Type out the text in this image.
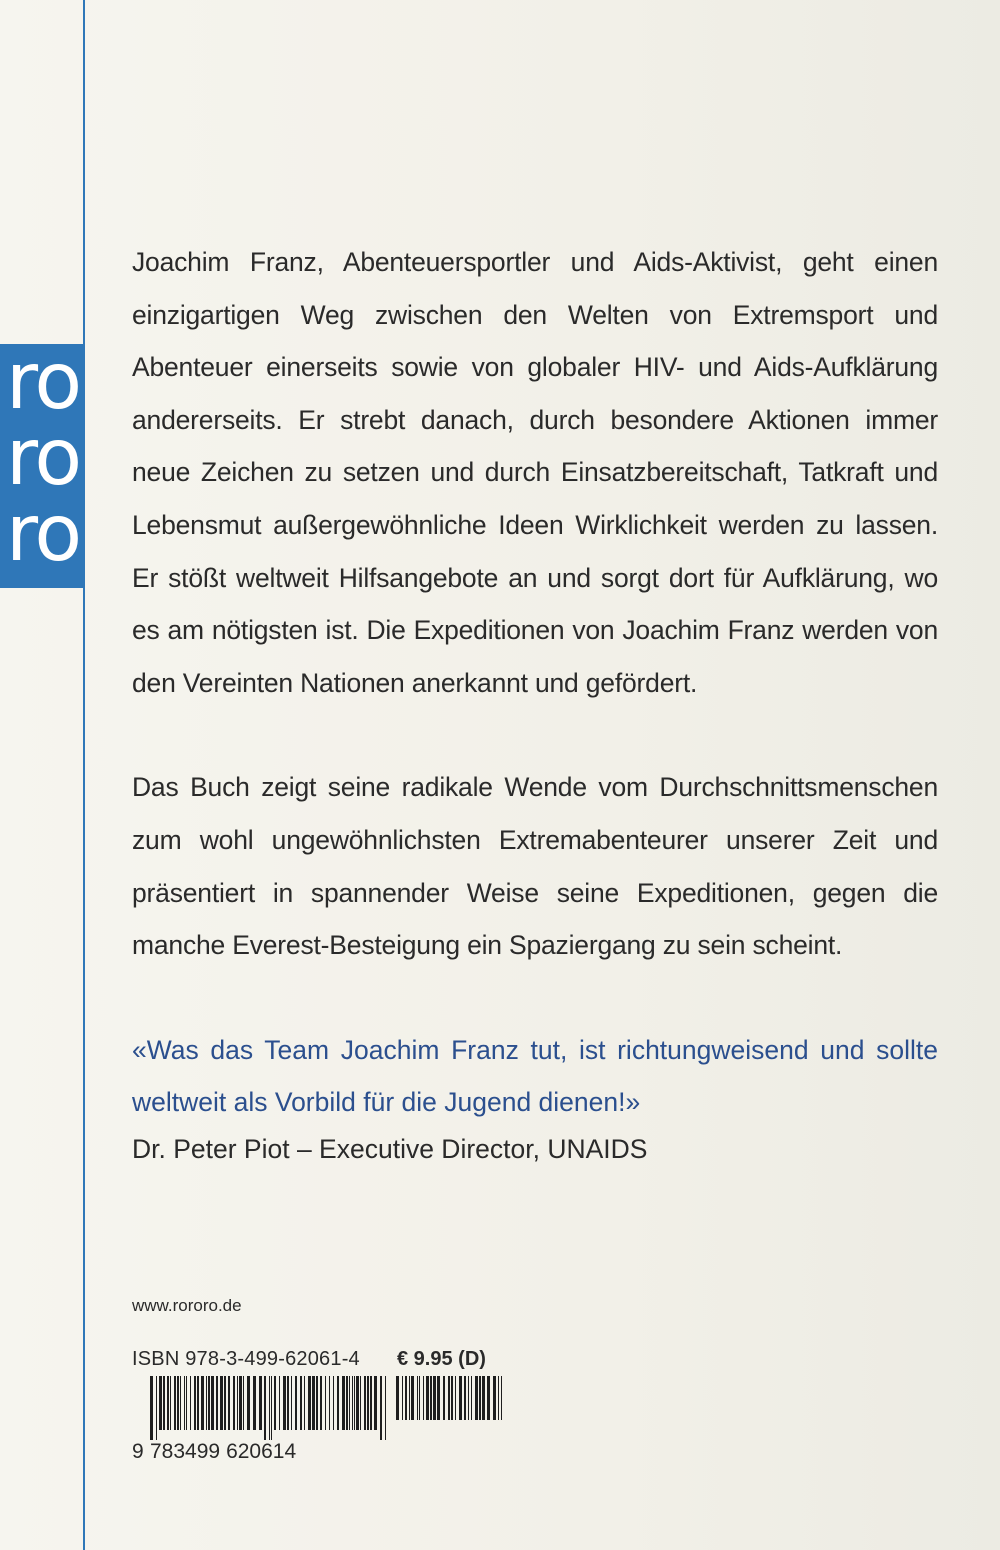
ro
ro
ro

Joachim Franz, Abenteuersportler und Aids-Aktivist, geht einen einzigartigen Weg zwischen den Welten von Extremsport und Abenteuer einerseits sowie von globaler HIV- und Aids-Aufklärung andererseits. Er strebt danach, durch besondere Aktionen immer neue Zeichen zu setzen und durch Einsatzbereitschaft, Tatkraft und Lebensmut außergewöhnliche Ideen Wirklichkeit werden zu lassen. Er stößt weltweit Hilfsangebote an und sorgt dort für Aufklärung, wo es am nötigsten ist. Die Expeditionen von Joachim Franz werden von den Vereinten Nationen anerkannt und gefördert.

Das Buch zeigt seine radikale Wende vom Durchschnittsmenschen zum wohl ungewöhnlichsten Extremabenteurer unserer Zeit und präsentiert in spannender Weise seine Expeditionen, gegen die manche Everest-Besteigung ein Spaziergang zu sein scheint.

«Was das Team Joachim Franz tut, ist richtungweisend und sollte weltweit als Vorbild für die Jugend dienen!»

Dr. Peter Piot – Executive Director, UNAIDS

www.rororo.de
ISBN 978-3-499-62061-4 € 9.95 (D)
9 783499 620614
